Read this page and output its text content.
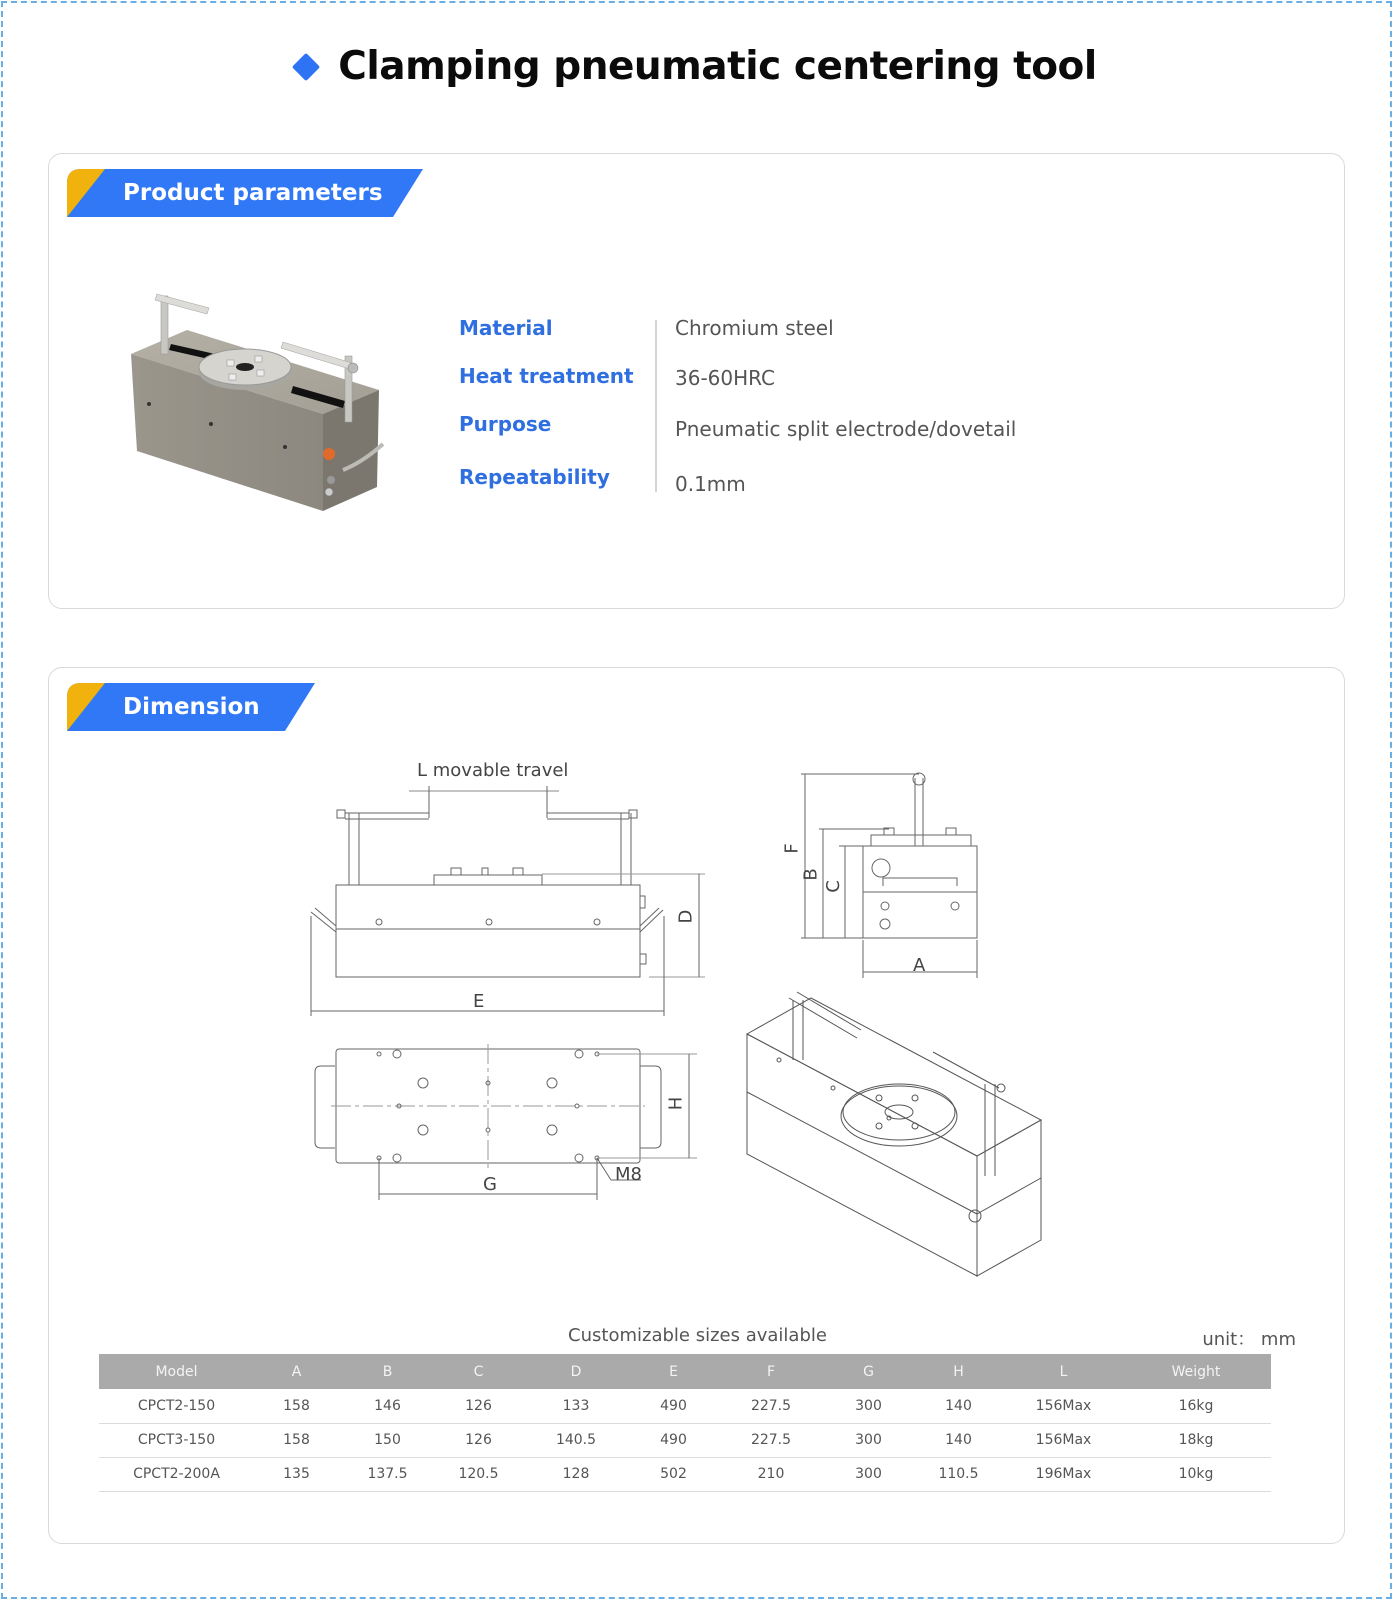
Clamping pneumatic centering tool
Product parameters
Material	Chromium steel
Heat treatment 36-60HRC
Purpose	Pneumatic split electrode/dovetail
Repeatability	0.1mm
Dimension
L movable travel
D
E
F
B
C
A
H
G	M8
Customizable sizes available	unit： mm
Model	A	B	C	D	E	F	G	H	L	Weight
CPCT2-150	158	146	126	133	490	227.5	300	140	156Max	16kg
CPCT3-150	158	150	126	140.5	490	227.5	300	140	156Max	18kg
CPCT2-200A	135	137.5	120.5	128	502	210	300	110.5	196Max	10kg
